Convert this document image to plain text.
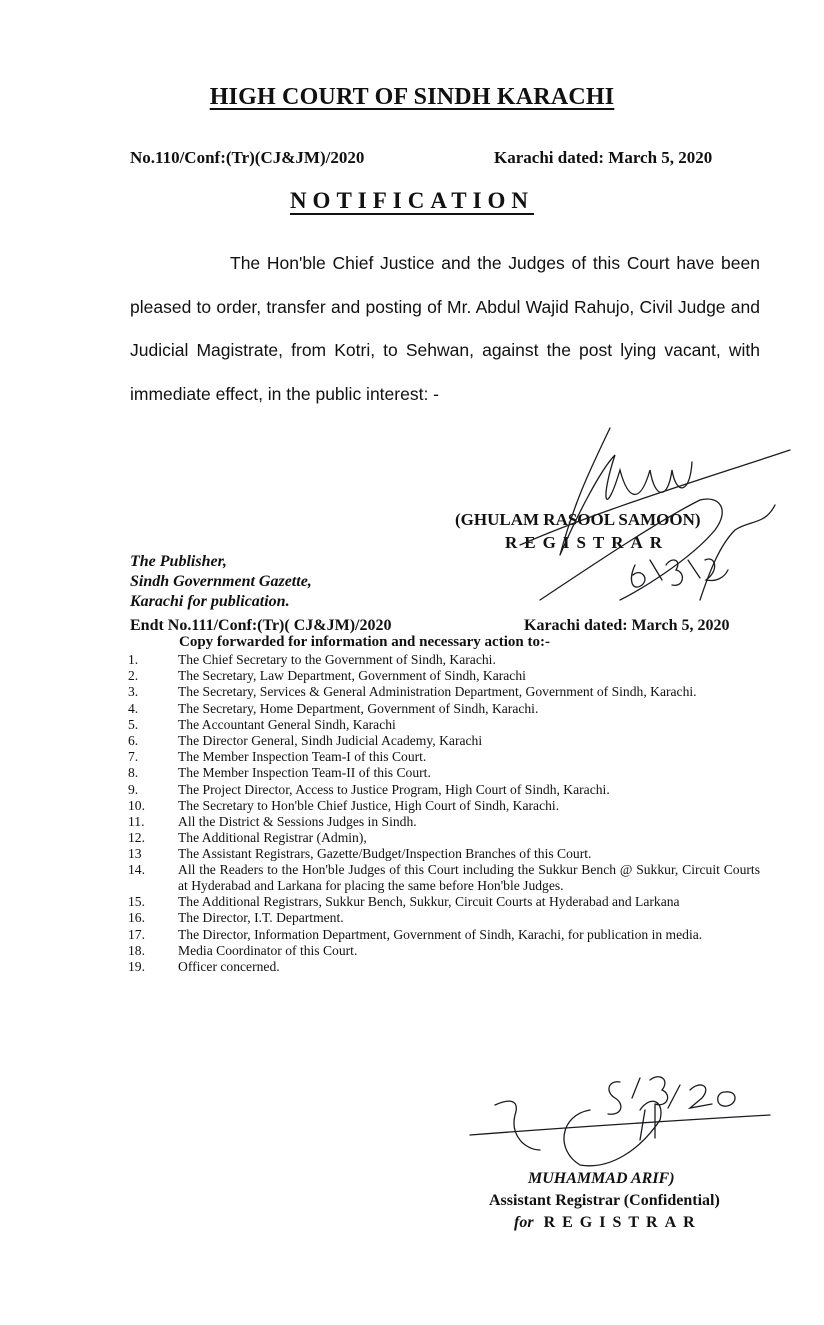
HIGH COURT OF SINDH KARACHI
No.110/Conf:(Tr)(CJ&JM)/2020	Karachi dated: March 5, 2020
NOTIFICATION

The Hon'ble Chief Justice and the Judges of this Court have been pleased to order, transfer and posting of Mr. Abdul Wajid Rahujo, Civil Judge and Judicial Magistrate, from Kotri, to Sehwan, against the post lying vacant, with immediate effect, in the public interest: -

(GHULAM RASOOL SAMOON)
REGISTRAR
The Publisher,
Sindh Government Gazette,
Karachi for publication.
Endt No.111/Conf:(Tr)( CJ&JM)/2020	Karachi dated: March 5, 2020
Copy forwarded for information and necessary action to:-
1.	The Chief Secretary to the Government of Sindh, Karachi.
2.	The Secretary, Law Department, Government of Sindh, Karachi
3.	The Secretary, Services & General Administration Department, Government of Sindh, Karachi.
4.	The Secretary, Home Department, Government of Sindh, Karachi.
5.	The Accountant General Sindh, Karachi
6.	The Director General, Sindh Judicial Academy, Karachi
7.	The Member Inspection Team-I of this Court.
8.	The Member Inspection Team-II of this Court.
9.	The Project Director, Access to Justice Program, High Court of Sindh, Karachi.
10.	The Secretary to Hon'ble Chief Justice, High Court of Sindh, Karachi.
11.	All the District & Sessions Judges in Sindh.
12.	The Additional Registrar (Admin),
13	The Assistant Registrars, Gazette/Budget/Inspection Branches of this Court.
14.	All the Readers to the Hon'ble Judges of this Court including the Sukkur Bench @ Sukkur, Circuit Courts at Hyderabad and Larkana for placing the same before Hon'ble Judges.
15.	The Additional Registrars, Sukkur Bench, Sukkur, Circuit Courts at Hyderabad and Larkana
16.	The Director, I.T. Department.
17.	The Director, Information Department, Government of Sindh, Karachi, for publication in media.
18.	Media Coordinator of this Court.
19.	Officer concerned.
MUHAMMAD ARIF)
Assistant Registrar (Confidential)
for REGISTRAR
